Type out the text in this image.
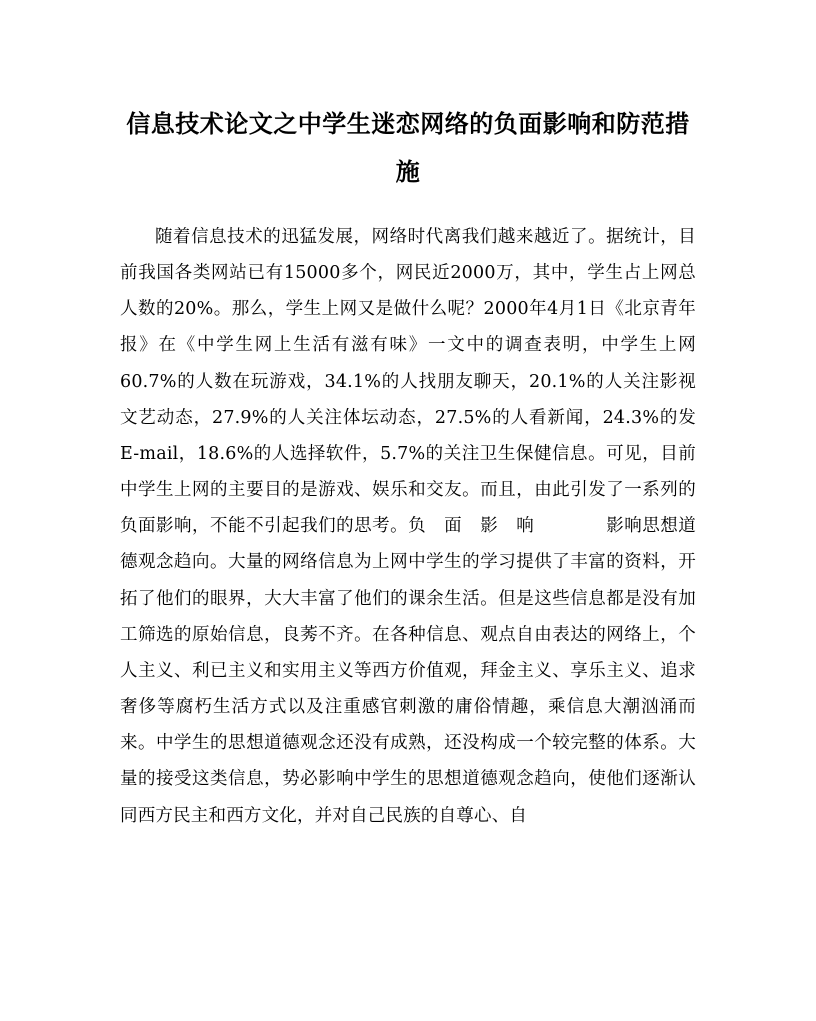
信息技术论文之中学生迷恋网络的负面影响和防范措施
随着信息技术的迅猛发展，网络时代离我们越来越近了。据统计，目前我国各类网站已有15000多个，网民近2000万，其中，学生占上网总人数的20%。那么，学生上网又是做什么呢？2000年4月1日《北京青年报》在《中学生网上生活有滋有味》一文中的调查表明，中学生上网60.7%的人数在玩游戏，34.1%的人找朋友聊天，20.1%的人关注影视文艺动态，27.9%的人关注体坛动态，27.5%的人看新闻，24.3%的发E-mail，18.6%的人选择软件，5.7%的关注卫生保健信息。可见，目前中学生上网的主要目的是游戏、娱乐和交友。而且，由此引发了一系列的负面影响，不能不引起我们的思考。负　面　影　响　　　　影响思想道德观念趋向。大量的网络信息为上网中学生的学习提供了丰富的资料，开拓了他们的眼界，大大丰富了他们的课余生活。但是这些信息都是没有加工筛选的原始信息，良莠不齐。在各种信息、观点自由表达的网络上，个人主义、利已主义和实用主义等西方价值观，拜金主义、享乐主义、追求奢侈等腐朽生活方式以及注重感官刺激的庸俗情趣，乘信息大潮汹涌而来。中学生的思想道德观念还没有成熟，还没构成一个较完整的体系。大量的接受这类信息，势必影响中学生的思想道德观念趋向，使他们逐渐认同西方民主和西方文化，并对自己民族的自尊心、自
